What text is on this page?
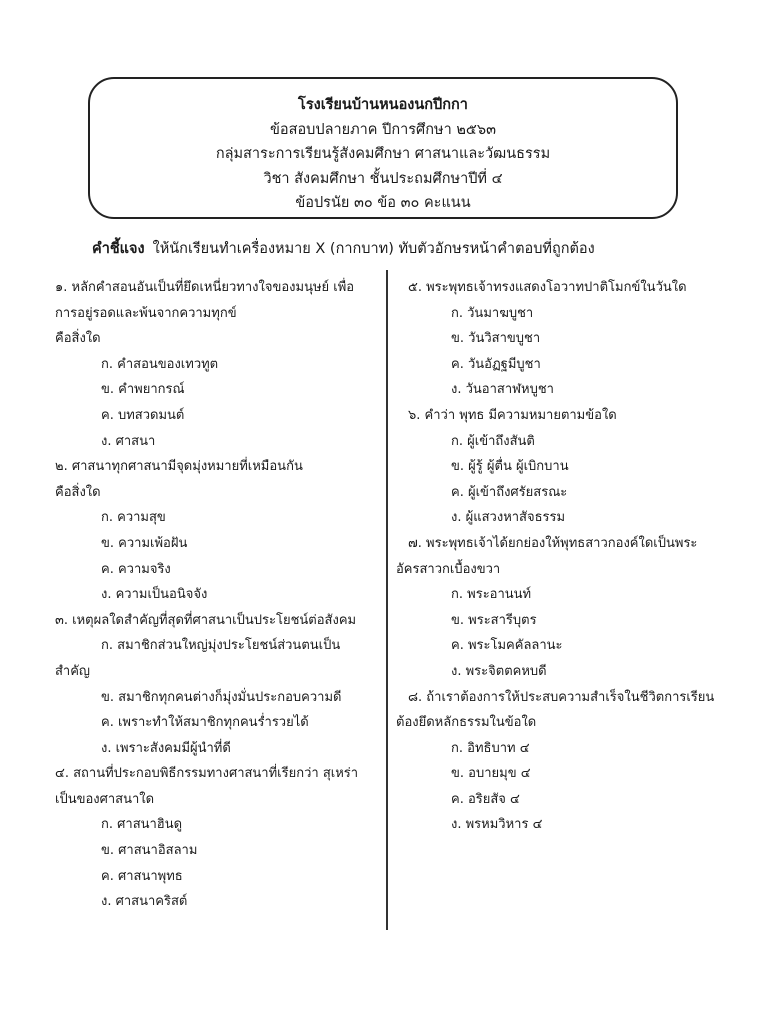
โรงเรียนบ้านหนองนกปีกกา
ข้อสอบปลายภาค ปีการศึกษา ๒๕๖๓
กลุ่มสาระการเรียนรู้สังคมศึกษา ศาสนาและวัฒนธรรม
วิชา สังคมศึกษา ชั้นประถมศึกษาปีที่ ๔
ข้อปรนัย ๓๐ ข้อ ๓๐ คะแนน
คำชี้แจง ให้นักเรียนทำเครื่องหมาย X (กากบาท) ทับตัวอักษรหน้าคำตอบที่ถูกต้อง
๑. หลักคำสอนอันเป็นที่ยึดเหนี่ยวทางใจของมนุษย์ เพื่อ
การอยู่รอดและพ้นจากความทุกข์
คือสิ่งใด
ก. คำสอนของเทวทูต
ข. คำพยากรณ์
ค. บทสวดมนต์
ง. ศาสนา
๒. ศาสนาทุกศาสนามีจุดมุ่งหมายที่เหมือนกัน
คือสิ่งใด
ก. ความสุข
ข. ความเพ้อฝัน
ค. ความจริง
ง. ความเป็นอนิจจัง
๓. เหตุผลใดสำคัญที่สุดที่ศาสนาเป็นประโยชน์ต่อสังคม
ก. สมาชิกส่วนใหญ่มุ่งประโยชน์ส่วนตนเป็น
สำคัญ
ข. สมาชิกทุกคนต่างก็มุ่งมั่นประกอบความดี
ค. เพราะทำให้สมาชิกทุกคนร่ำรวยได้
ง. เพราะสังคมมีผู้นำที่ดี
๔. สถานที่ประกอบพิธีกรรมทางศาสนาที่เรียกว่า สุเหร่า
เป็นของศาสนาใด
ก. ศาสนาฮินดู
ข. ศาสนาอิสลาม
ค. ศาสนาพุทธ
ง. ศาสนาคริสต์
๕. พระพุทธเจ้าทรงแสดงโอวาทปาติโมกข์ในวันใด
ก. วันมาฆบูชา
ข. วันวิสาขบูชา
ค. วันอัฏฐมีบูชา
ง. วันอาสาฬหบูชา
๖. คำว่า พุทธ มีความหมายตามข้อใด
ก. ผู้เข้าถึงสันติ
ข. ผู้รู้ ผู้ตื่น ผู้เบิกบาน
ค. ผู้เข้าถึงศรัยสรณะ
ง. ผู้แสวงหาสัจธรรม
๗. พระพุทธเจ้าได้ยกย่องให้พุทธสาวกองค์ใดเป็นพระ
อัครสาวกเบื้องขวา
ก. พระอานนท์
ข. พระสารีบุตร
ค. พระโมคคัลลานะ
ง. พระจิตตคหบดี
๘. ถ้าเราต้องการให้ประสบความสำเร็จในชีวิตการเรียน
ต้องยึดหลักธรรมในข้อใด
ก. อิทธิบาท ๔
ข. อบายมุข ๔
ค. อริยสัจ ๔
ง. พรหมวิหาร ๔
